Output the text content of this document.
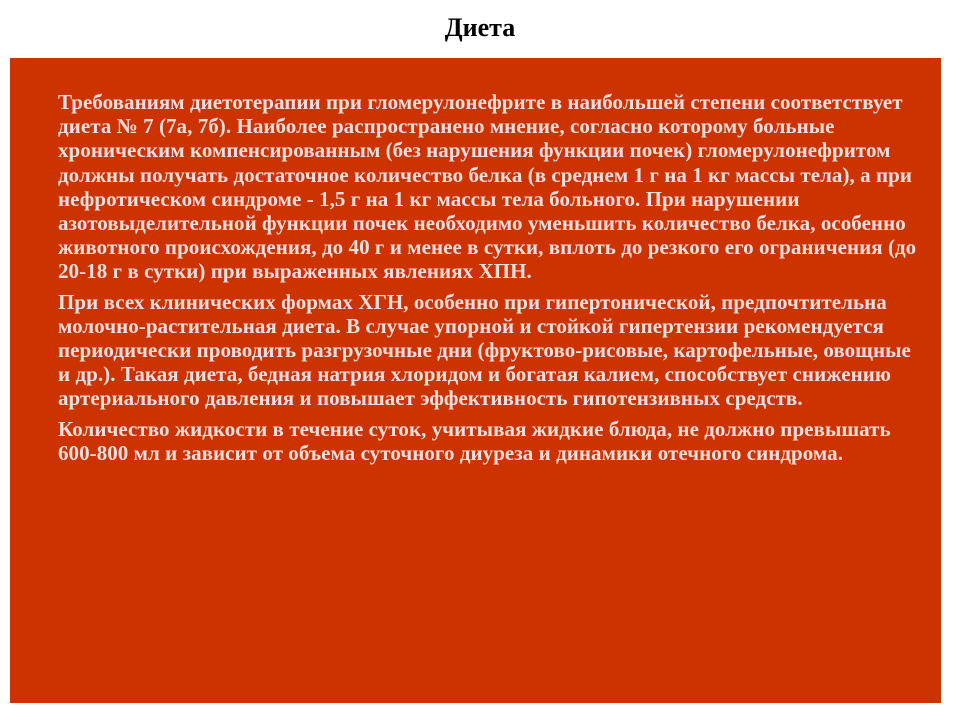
Диета

Требованиям диетотерапии при гломерулонефрите в наибольшей степени соответствует диета № 7 (7а, 7б). Наиболее распространено мнение, согласно которому больные хроническим компенсированным (без нарушения функции почек) гломерулонефритом должны получать достаточное количество белка (в среднем 1 г на 1 кг массы тела), а при нефротическом синдроме - 1,5 г на 1 кг массы тела больного. При нарушении азотовыделительной функции почек необходимо уменьшить количество белка, особенно животного происхождения, до 40 г и менее в сутки, вплоть до резкого его ограничения (до 20-18 г в сутки) при выраженных явлениях ХПН.

При всех клинических формах ХГН, особенно при гипертонической, предпочтительна молочно-растительная диета. В случае упорной и стойкой гипертензии рекомендуется периодически проводить разгрузочные дни (фруктово-рисовые, картофельные, овощные и др.). Такая диета, бедная натрия хлоридом и богатая калием, способствует снижению артериального давления и повышает эффективность гипотензивных средств.

Количество жидкости в течение суток, учитывая жидкие блюда, не должно превышать 600-800 мл и зависит от объема суточного диуреза и динамики отечного синдрома.
